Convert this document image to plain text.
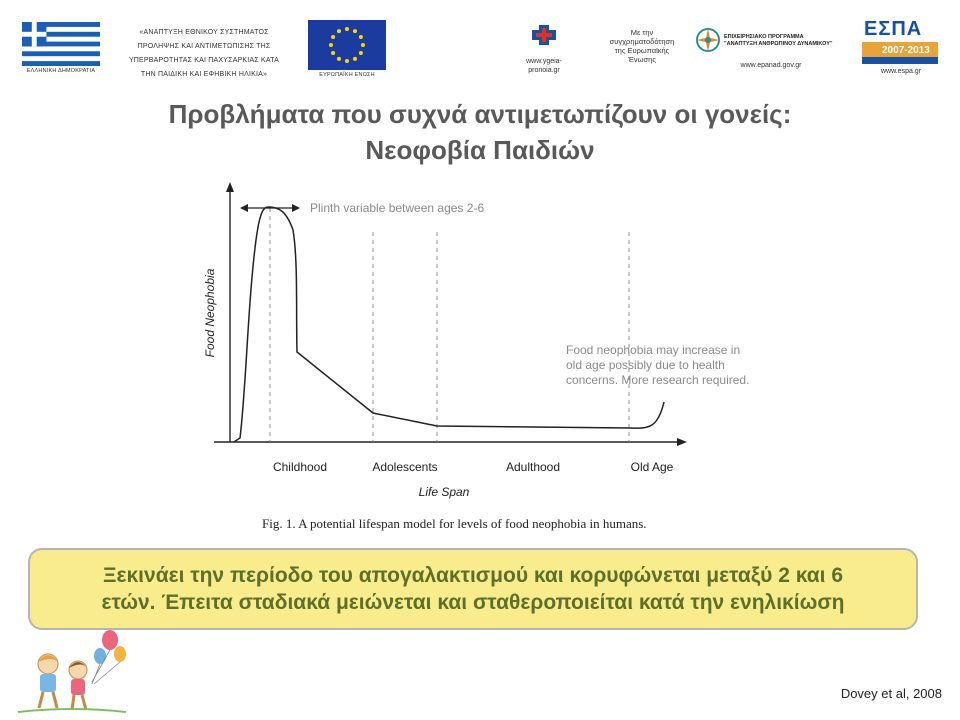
ΕΛΛΗΝΙΚΗ ΔΗΜΟΚΡΑΤΙΑ
«ΑΝΑΠΤΥΞΗ ΕΘΝΙΚΟΥ ΣΥΣΤΗΜΑΤΟΣ
ΠΡΟΛΗΨΗΣ ΚΑΙ ΑΝΤΙΜΕΤΩΠΙΣΗΣ ΤΗΣ
ΥΠΕΡΒΑΡΟΤΗΤΑΣ ΚΑΙ ΠΑΧΥΣΑΡΚΙΑΣ ΚΑΤΑ
ΤΗΝ ΠΑΙΔΙΚΗ ΚΑΙ ΕΦΗΒΙΚΗ ΗΛΙΚΙΑ»	ΕΥΡΩΠΑΪΚΗ ΕΝΩΣΗ
www.ygeia-
pronoia.gr
Με την
συγχρηματοδότηση
της Ευρωπαϊκής
Ένωσης
ΕΠΙΧΕΙΡΗΣΙΑΚΟ ΠΡΟΓΡΑΜΜΑ
"ΑΝΑΠΤΥΞΗ ΑΝΘΡΩΠΙΝΟΥ ΔΥΝΑΜΙΚΟΥ"
www.epanad.gov.gr
ΕΣΠΑ
2007-2013
www.espa.gr
Προβλήματα που συχνά αντιμετωπίζουν οι γονείς:
Νεοφοβία Παιδιών
Plinth variable between ages 2-6
Food neophobia may increase in
old age possibly due to health
concerns. More research required.
Food Neophobia
Childhood	Adolescents	Adulthood	Old Age
Life Span
Fig. 1. A potential lifespan model for levels of food neophobia in humans.
Ξεκινάει την περίοδο του απογαλακτισμού και κορυφώνεται μεταξύ 2 και 6
ετών. Έπειτα σταδιακά μειώνεται και σταθεροποιείται κατά την ενηλικίωση
Dovey et al, 2008
